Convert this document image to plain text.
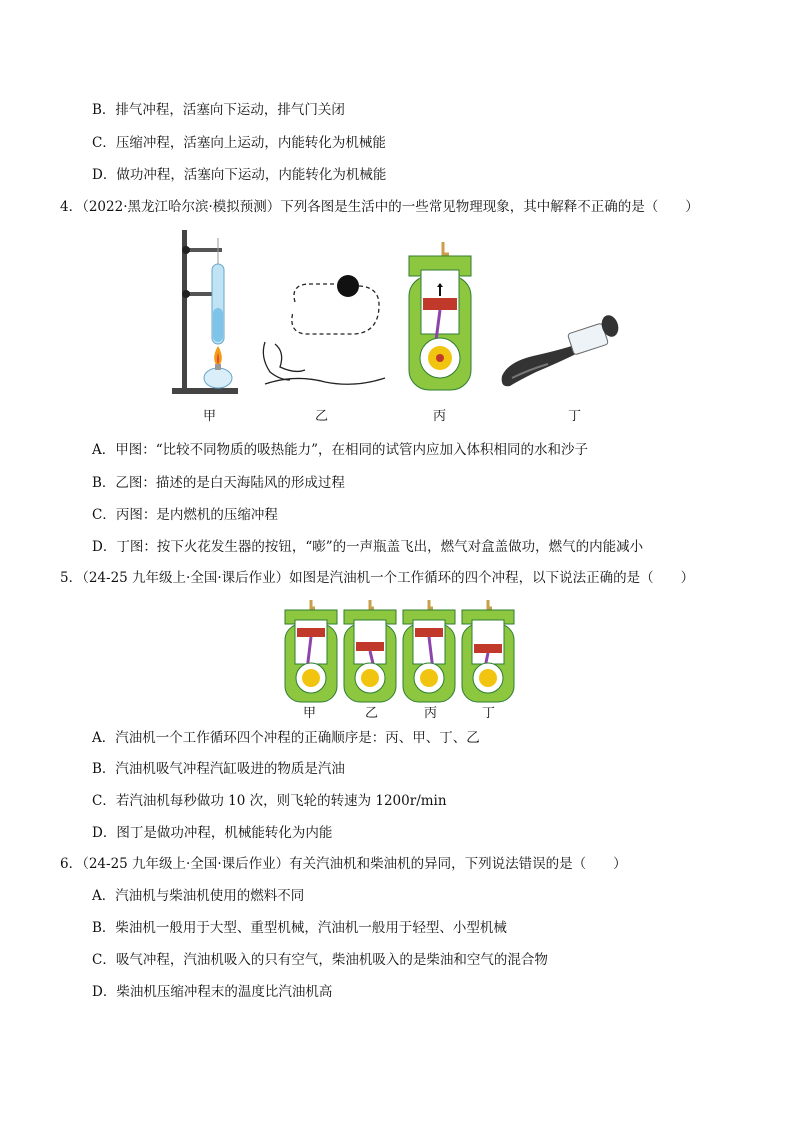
B．排气冲程，活塞向下运动，排气门关闭
C．压缩冲程，活塞向上运动，内能转化为机械能
D．做功冲程，活塞向下运动，内能转化为机械能
4．（2022·黑龙江哈尔滨·模拟预测）下列各图是生活中的一些常见物理现象，其中解释不正确的是（　　）
甲	乙	丙	丁
A．甲图：“比较不同物质的吸热能力”，在相同的试管内应加入体积相同的水和沙子
B．乙图：描述的是白天海陆风的形成过程
C．丙图：是内燃机的压缩冲程
D．丁图：按下火花发生器的按钮，“嘭”的一声瓶盖飞出，燃气对盒盖做功，燃气的内能减小
5．（24-25 九年级上·全国·课后作业）如图是汽油机一个工作循环的四个冲程，以下说法正确的是（　　）
甲	乙	丙	丁
A．汽油机一个工作循环四个冲程的正确顺序是：丙、甲、丁、乙
B．汽油机吸气冲程汽缸吸进的物质是汽油
C．若汽油机每秒做功 10 次，则飞轮的转速为 1200r/min
D．图丁是做功冲程，机械能转化为内能
6．（24-25 九年级上·全国·课后作业）有关汽油机和柴油机的异同，下列说法错误的是（　　）
A．汽油机与柴油机使用的燃料不同
B．柴油机一般用于大型、重型机械，汽油机一般用于轻型、小型机械
C．吸气冲程，汽油机吸入的只有空气，柴油机吸入的是柴油和空气的混合物
D．柴油机压缩冲程末的温度比汽油机高
